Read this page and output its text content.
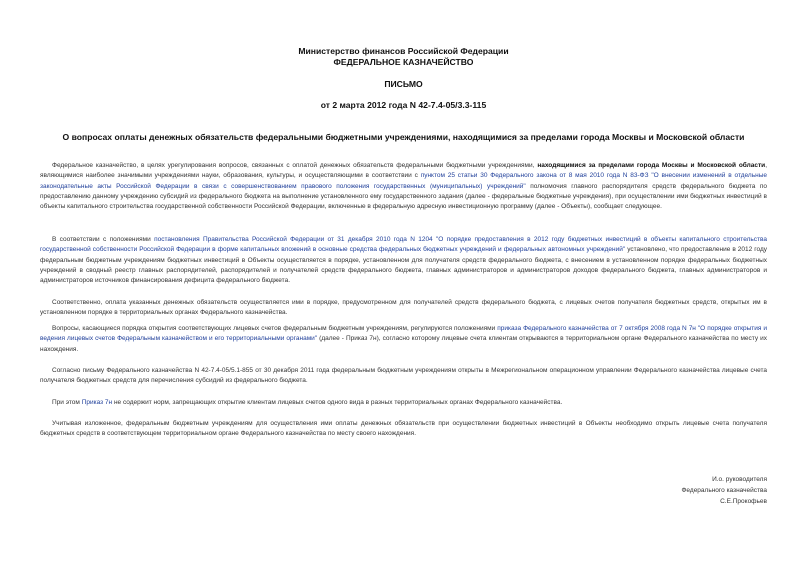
Министерство финансов Российской Федерации
ФЕДЕРАЛЬНОЕ КАЗНАЧЕЙСТВО
ПИСЬМО
от 2 марта 2012 года N 42-7.4-05/3.3-115
О вопросах оплаты денежных обязательств федеральными бюджетными учреждениями, находящимися за пределами города Москвы и Московской области

Федеральное казначейство, в целях урегулирования вопросов, связанных с оплатой денежных обязательств федеральными бюджетными учреждениями, находящимися за пределами города Москвы и Московской области, являющимися наиболее значимыми учреждениями науки, образования, культуры, и осуществляющими в соответствии с пунктом 25 статьи 30 Федерального закона от 8 мая 2010 года N 83-ФЗ "О внесении изменений в отдельные законодательные акты Российской Федерации в связи с совершенствованием правового положения государственных (муниципальных) учреждений" полномочия главного распорядителя средств федерального бюджета по предоставлению данному учреждению субсидий из федерального бюджета на выполнение установленного ему государственного задания (далее - федеральные бюджетные учреждения), при осуществлении ими бюджетных инвестиций в объекты капитального строительства государственной собственности Российской Федерации, включенные в федеральную адресную инвестиционную программу (далее - Объекты), сообщает следующее.

В соответствии с положениями постановления Правительства Российской Федерации от 31 декабря 2010 года N 1204 "О порядке предоставления в 2012 году бюджетных инвестиций в объекты капитального строительства государственной собственности Российской Федерации в форме капитальных вложений в основные средства федеральных бюджетных учреждений и федеральных автономных учреждений" установлено, что предоставление в 2012 году федеральным бюджетным учреждениям бюджетных инвестиций в Объекты осуществляется в порядке, установленном для получателя средств федерального бюджета, с внесением в установленном порядке федеральных бюджетных учреждений в сводный реестр главных распорядителей, распорядителей и получателей средств федерального бюджета, главных администраторов и администраторов доходов федерального бюджета, главных администраторов и администраторов источников финансирования дефицита федерального бюджета.

Соответственно, оплата указанных денежных обязательств осуществляется ими в порядке, предусмотренном для получателей средств федерального бюджета, с лицевых счетов получателя бюджетных средств, открытых им в установленном порядке в территориальных органах Федерального казначейства.

Вопросы, касающиеся порядка открытия соответствующих лицевых счетов федеральным бюджетным учреждениям, регулируются положениями приказа Федерального казначейства от 7 октября 2008 года N 7н "О порядке открытия и ведения лицевых счетов Федеральным казначейством и его территориальными органами" (далее - Приказ 7н), согласно которому лицевые счета клиентам открываются в территориальном органе Федерального казначейства по месту их нахождения.

Согласно письму Федерального казначейства N 42-7.4-05/5.1-855 от 30 декабря 2011 года федеральным бюджетным учреждениям открыты в Межрегиональном операционном управлении Федерального казначейства лицевые счета получателя бюджетных средств для перечисления субсидий из федерального бюджета.

При этом Приказ 7н не содержит норм, запрещающих открытие клиентам лицевых счетов одного вида в разных территориальных органах Федерального казначейства.

Учитывая изложенное, федеральным бюджетным учреждениям для осуществления ими оплаты денежных обязательств при осуществлении бюджетных инвестиций в Объекты необходимо открыть лицевые счета получателя бюджетных средств в соответствующем территориальном органе Федерального казначейства по месту своего нахождения.

И.о. руководителя
Федерального казначейства
С.Е.Прокофьев
